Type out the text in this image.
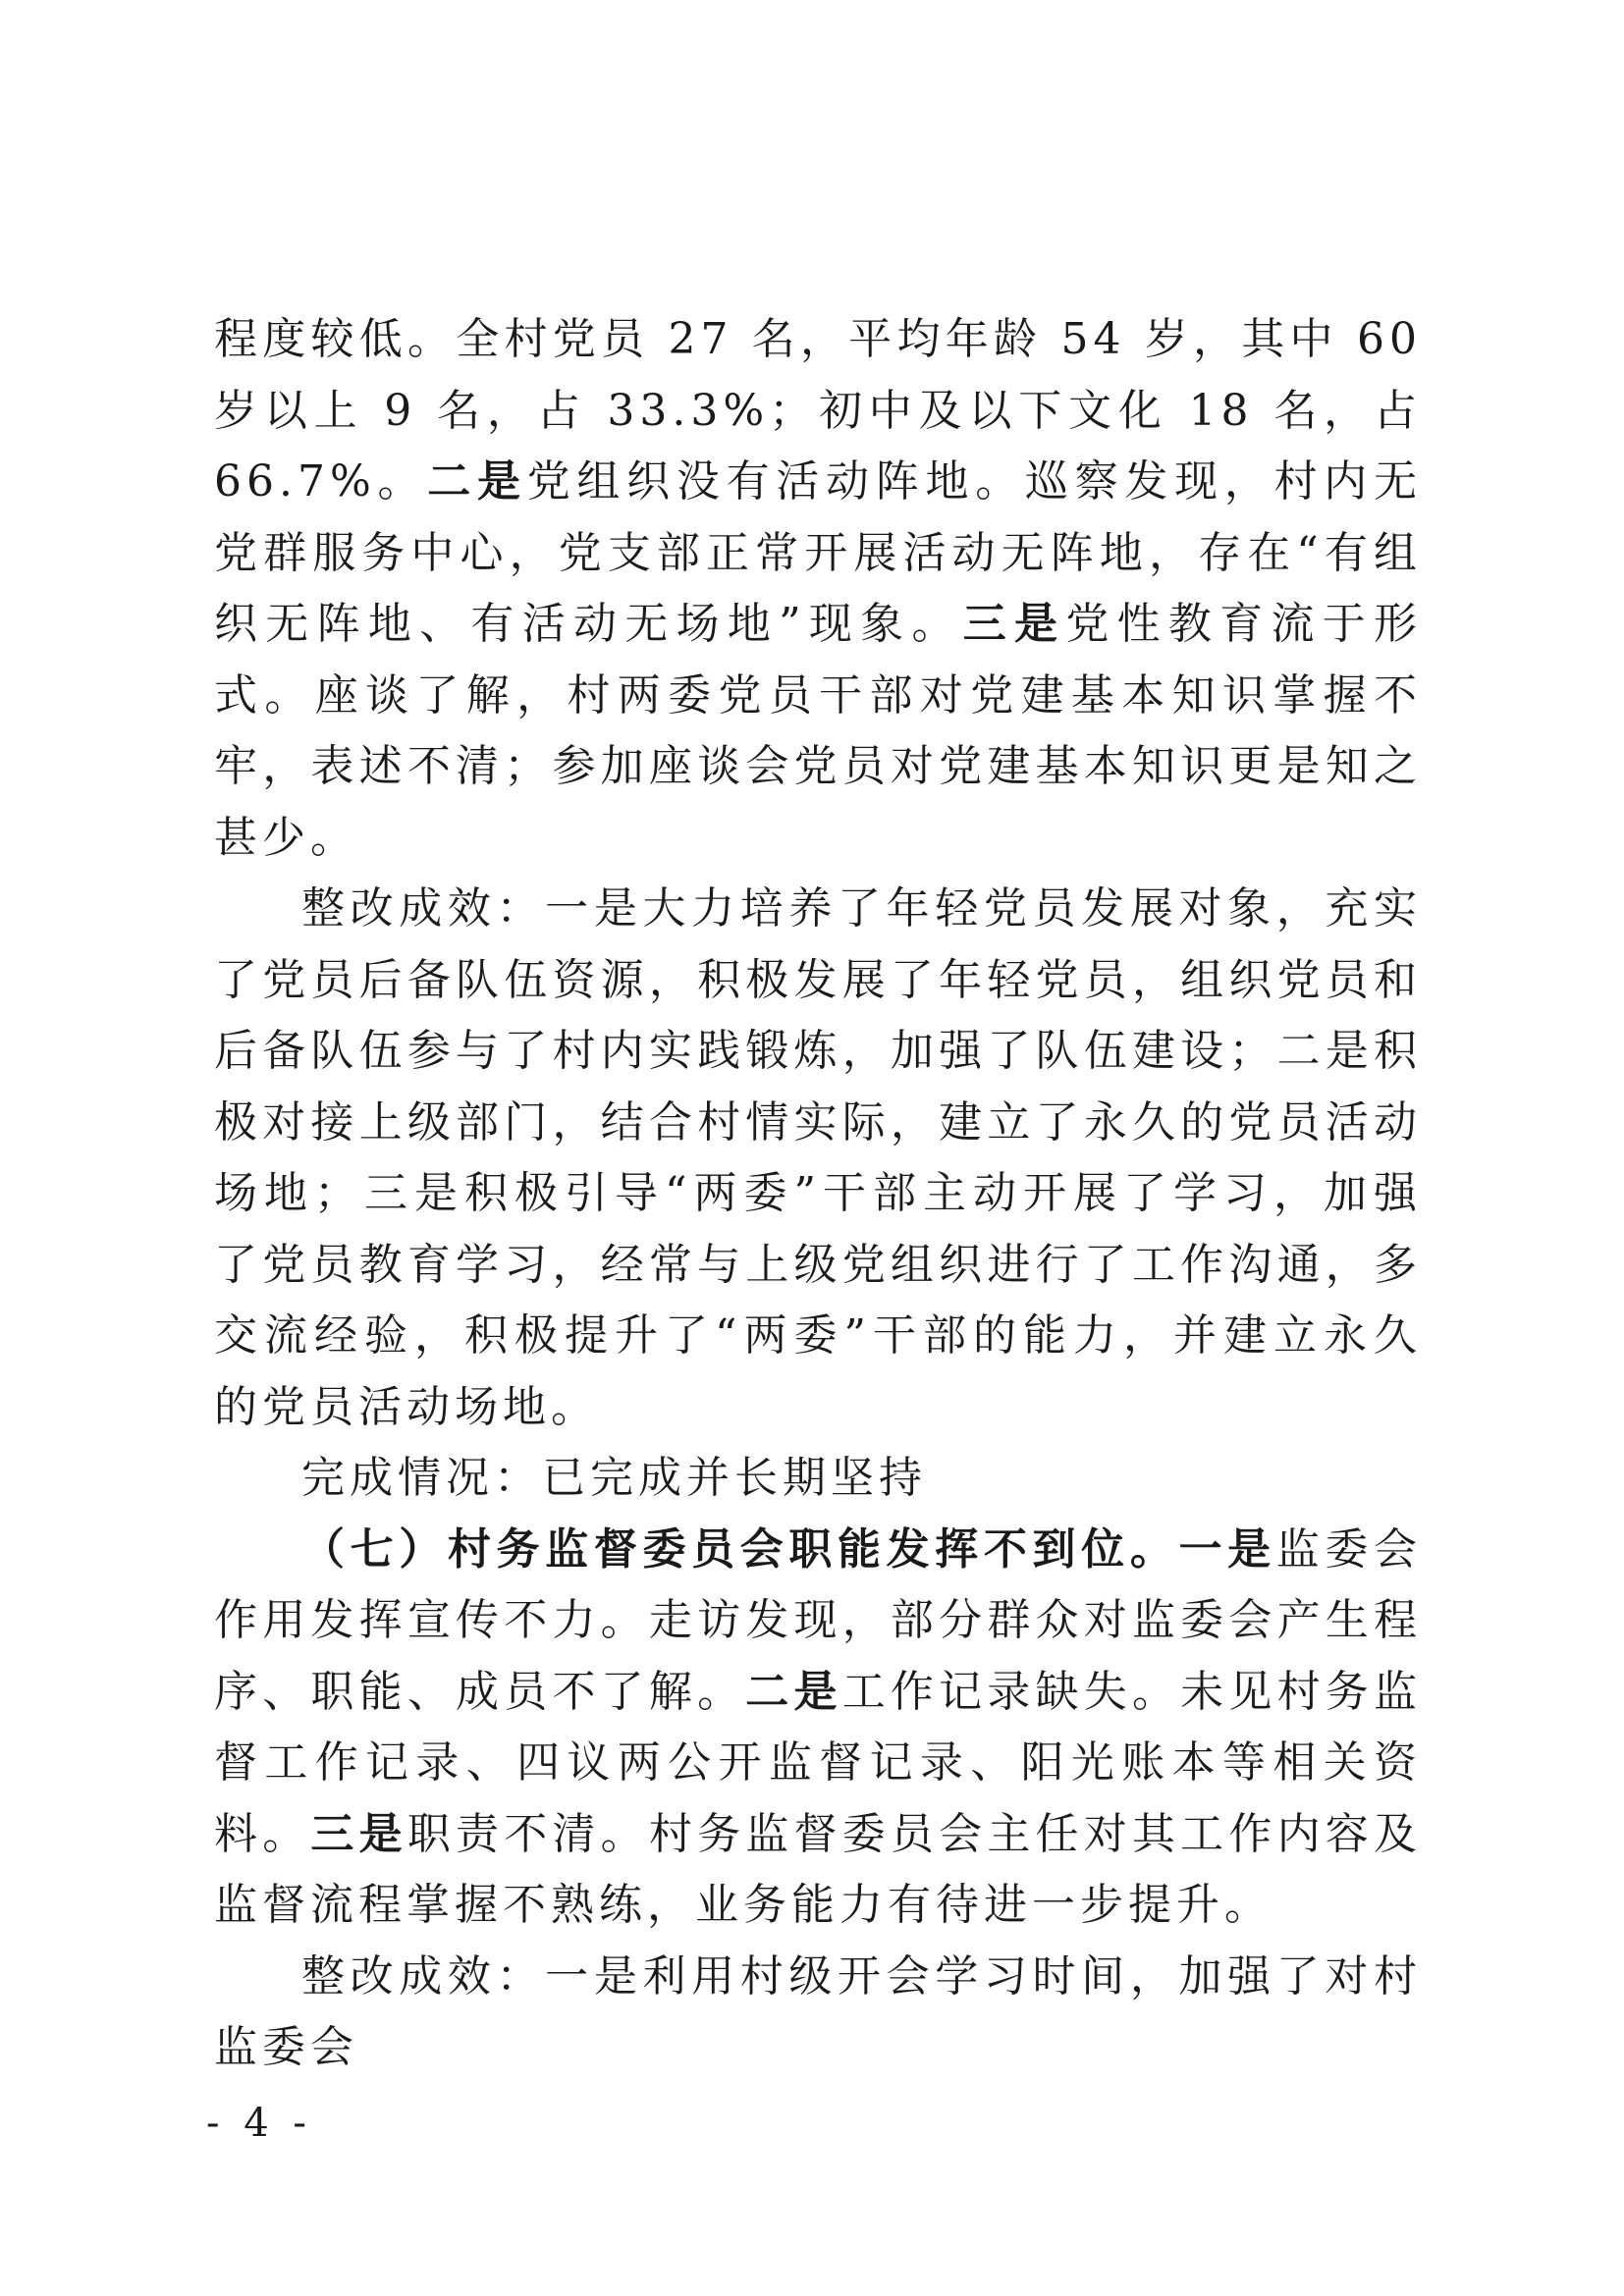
程度较低。全村党员 27 名，平均年龄 54 岁，其中 60 岁以上 9 名，占 33.3%；初中及以下文化 18 名，占 66.7%。二是党组织没有活动阵地。巡察发现，村内无党群服务中心，党支部正常开展活动无阵地，存在“有组织无阵地、有活动无场地”现象。三是党性教育流于形式。座谈了解，村两委党员干部对党建基本知识掌握不牢，表述不清；参加座谈会党员对党建基本知识更是知之甚少。

整改成效：一是大力培养了年轻党员发展对象，充实了党员后备队伍资源，积极发展了年轻党员，组织党员和后备队伍参与了村内实践锻炼，加强了队伍建设；二是积极对接上级部门，结合村情实际，建立了永久的党员活动场地；三是积极引导“两委”干部主动开展了学习，加强了党员教育学习，经常与上级党组织进行了工作沟通，多交流经验，积极提升了“两委”干部的能力，并建立永久的党员活动场地。

完成情况：已完成并长期坚持

（七）村务监督委员会职能发挥不到位。一是监委会作用发挥宣传不力。走访发现，部分群众对监委会产生程序、职能、成员不了解。二是工作记录缺失。未见村务监督工作记录、四议两公开监督记录、阳光账本等相关资料。三是职责不清。村务监督委员会主任对其工作内容及监督流程掌握不熟练，业务能力有待进一步提升。

整改成效：一是利用村级开会学习时间，加强了对村监委会

- 4 -
